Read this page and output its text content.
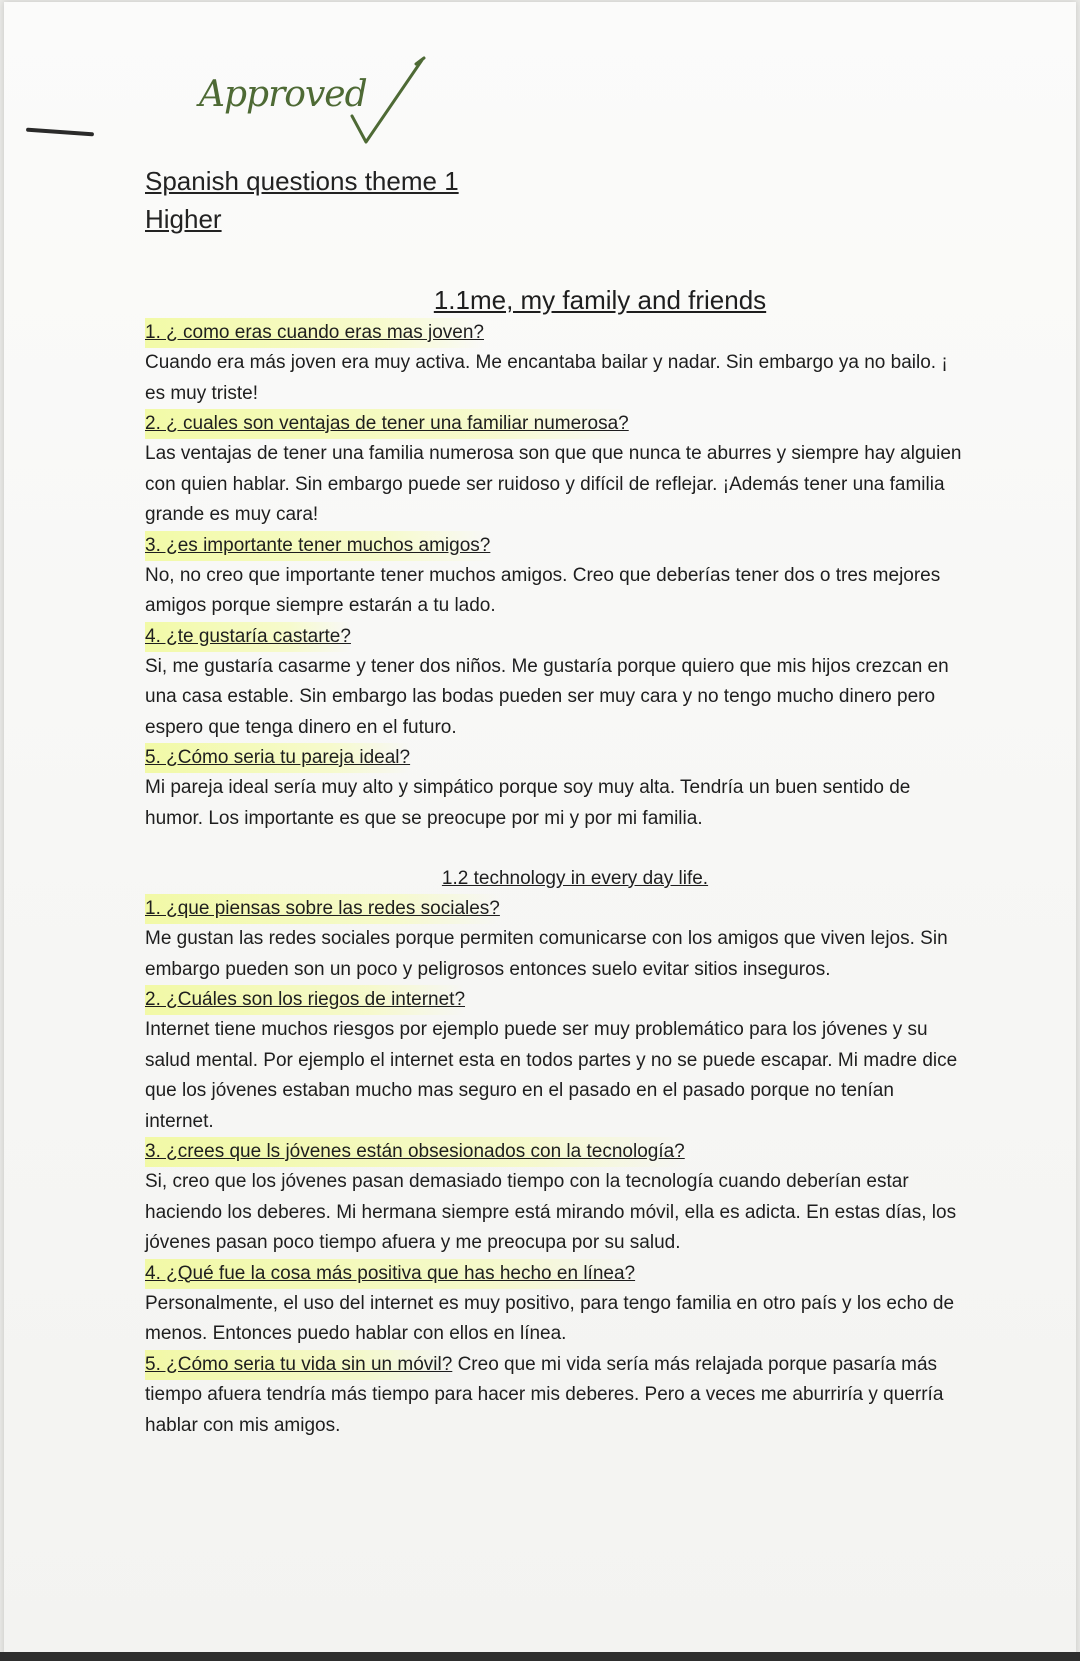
Approved
Spanish questions theme 1
Higher
1.1me, my family and friends
1. ¿ como eras cuando eras mas joven?
Cuando era más joven era muy activa. Me encantaba bailar y nadar. Sin embargo ya no bailo. ¡ es muy triste!
2. ¿ cuales son ventajas de tener una familiar numerosa?
Las ventajas de tener una familia numerosa son que que nunca te aburres y siempre hay alguien con quien hablar. Sin embargo puede ser ruidoso y difícil de reflejar. ¡Además tener una familia grande es muy cara!
3. ¿es importante tener muchos amigos?
No, no creo que importante tener muchos amigos. Creo que deberías tener dos o tres mejores amigos porque siempre estarán a tu lado.
4. ¿te gustaría castarte?
Si, me gustaría casarme y tener dos niños. Me gustaría porque quiero que mis hijos crezcan en una casa estable. Sin embargo las bodas pueden ser muy cara y no tengo mucho dinero pero espero que tenga dinero en el futuro.
5. ¿Cómo seria tu pareja ideal?
Mi pareja ideal sería muy alto y simpático porque soy muy alta. Tendría un buen sentido de humor. Los importante es que se preocupe por mi y por mi familia.
1.2 technology in every day life.
1. ¿que piensas sobre las redes sociales?
Me gustan las redes sociales porque permiten comunicarse con los amigos que viven lejos. Sin embargo pueden son un poco y peligrosos entonces suelo evitar sitios inseguros.
2. ¿Cuáles son los riegos de internet?
Internet tiene muchos riesgos por ejemplo puede ser muy problemático para los jóvenes y su salud mental. Por ejemplo el internet esta en todos partes y no se puede escapar. Mi madre dice que los jóvenes estaban mucho mas seguro en el pasado en el pasado porque no tenían internet.
3. ¿crees que ls jóvenes están obsesionados con la tecnología?
Si, creo que los jóvenes pasan demasiado tiempo con la tecnología cuando deberían estar haciendo los deberes. Mi hermana siempre está mirando móvil, ella es adicta. En estas días, los jóvenes pasan poco tiempo afuera y me preocupa por su salud.
4. ¿Qué fue la cosa más positiva que has hecho en línea?
Personalmente, el uso del internet es muy positivo, para tengo familia en otro país y los echo de menos. Entonces puedo hablar con ellos en línea.
5. ¿Cómo seria tu vida sin un móvil? Creo que mi vida sería más relajada porque pasaría más tiempo afuera tendría más tiempo para hacer mis deberes. Pero a veces me aburriría y querría hablar con mis amigos.
